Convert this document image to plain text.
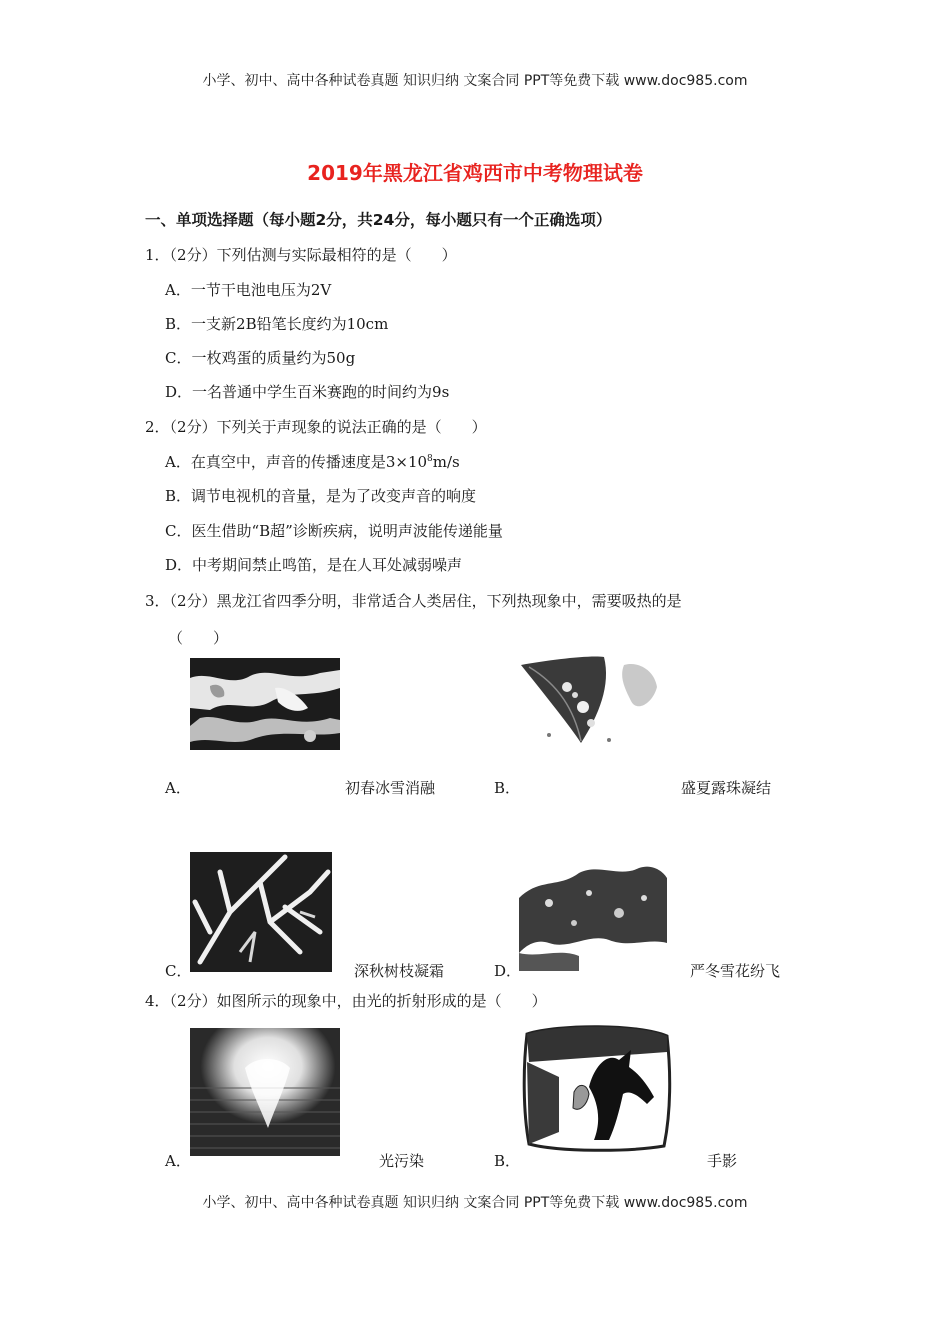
小学、初中、高中各种试卷真题 知识归纳 文案合同 PPT等免费下载 www.doc985.com
小学、初中、高中各种试卷真题 知识归纳 文案合同 PPT等免费下载 www.doc985.com
2019年黑龙江省鸡西市中考物理试卷
一、单项选择题（每小题2分，共24分，每小题只有一个正确选项）
1．（2分）下列估测与实际最相符的是（　　）
A．一节干电池电压为2V
B．一支新2B铅笔长度约为10cm
C．一枚鸡蛋的质量约为50g
D．一名普通中学生百米赛跑的时间约为9s
2．（2分）下列关于声现象的说法正确的是（　　）
A．在真空中，声音的传播速度是$3\times 10^8m/s$
B．调节电视机的音量，是为了改变声音的响度
C．医生借助“B超”诊断疾病，说明声波能传递能量
D．中考期间禁止鸣笛，是在人耳处减弱噪声
3．（2分）黑龙江省四季分明，非常适合人类居住，下列热现象中，需要吸热的是
（　　）
A．	初春冰雪消融	B．	盛夏露珠凝结
C．	深秋树枝凝霜	D．	严冬雪花纷飞
4．（2分）如图所示的现象中，由光的折射形成的是（　　）
A．	光污染	B．	手影
